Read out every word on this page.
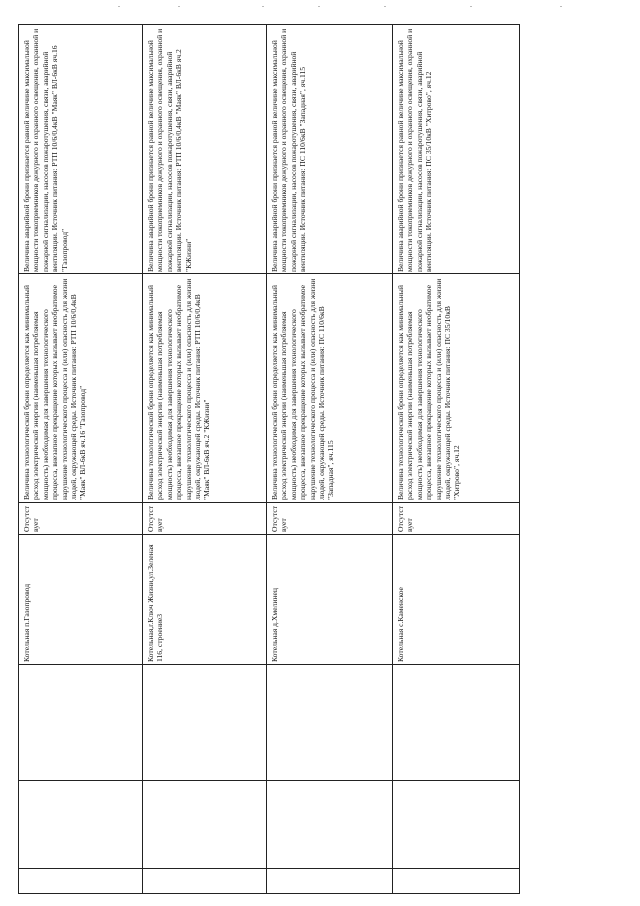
Величина аварийной брони признается равной величине максимальной мощности токоприемников дежурного и охранного освещения, охранной и пожарной сигнализации, насосов пожаротушения, связи, аварийной вентиляции. Источник питания: РТП 10/6/0,4кВ "Маяк" ВЛ-6кВ яч.16 "Газопровод"
Величина технологической брони определяется как минимальный расход электрической энергии (наименьшая потребляемая мощность) необходимая для завершения технологического процесса, внезапное прекращение которых вызывает необратимое нарушение технологического процесса и (или) опасность для жизни людей, окружающей среды. Источник питания: РТП 10/6/0,4кВ "Маяк" ВЛ-6кВ яч.16 "Газопровод"
Отсутствует
Котельная п.Газопровод
Величина аварийной брони признается равной величине максимальной мощности токоприемников дежурного и охранного освещения, охранной и пожарной сигнализации, насосов пожаротушения, связи, аварийной вентиляции. Источник питания: РТП 10/6/0,4кВ "Маяк" ВЛ-6кВ яч.2 "КЖизни"
Величина технологической брони определяется как минимальный расход электрической энергии (наименьшая потребляемая мощность) необходимая для завершения технологического процесса, внезапное прекращение которых вызывает необратимое нарушение технологического процесса и (или) опасность для жизни людей, окружающей среды. Источник питания: РТП 10/6/0,4кВ "Маяк" ВЛ-6кВ яч.2 "КЖизни"
Отсутствует
Котельная,г.Ключ Жизни,ул.Зеленая 116, строение3
Величина аварийной брони признается равной величине максимальной мощности токоприемников дежурного и охранного освещения, охранной и пожарной сигнализации, насосов пожаротушения, связи, аварийной вентиляции. Источник питания: ПС 110/6кВ "Западная", яч.115
Величина технологической брони определяется как минимальный расход электрической энергии (наименьшая потребляемая мощность) необходимая для завершения технологического процесса, внезапное прекращение которых вызывает необратимое нарушение технологического процесса и (или) опасность для жизни людей, окружающей среды. Источник питания: ПС 110/6кВ "Западная", яч.115
Отсутствует
Котельная д.Хмелинец
Величина аварийной брони признается равной величине максимальной мощности токоприемников дежурного и охранного освещения, охранной и пожарной сигнализации, насосов пожаротушения, связи, аварийной вентиляции. Источник питания: ПС 35/10кВ "Хитрово", яч.12
Величина технологической брони определяется как минимальный расход электрической энергии (наименьшая потребляемая мощность) необходимая для завершения технологического процесса, внезапное прекращение которых вызывает необратимое нарушение технологического процесса и (или) опасность для жизни людей, окружающей среды. Источник питания: ПС 35/10кВ "Хитрово", яч.12
Отсутствует
Котельная с.Каменское
